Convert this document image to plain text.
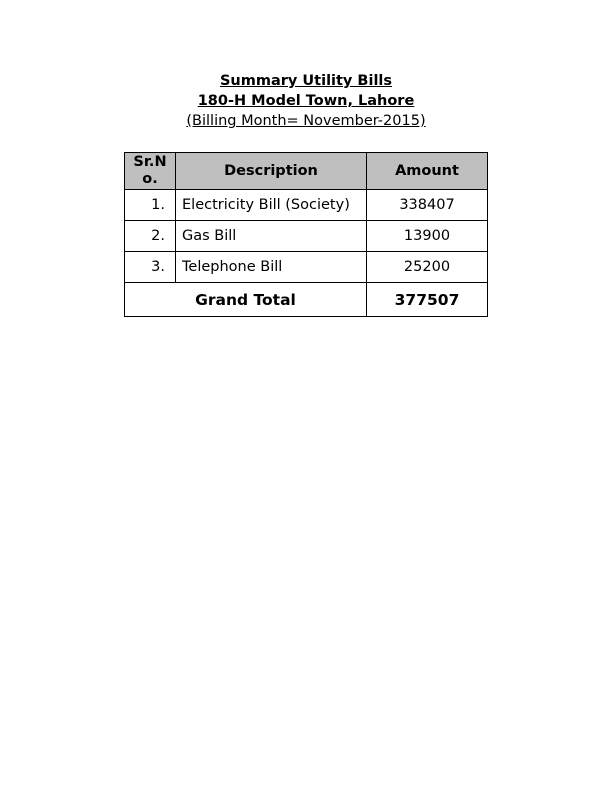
Summary Utility Bills
180-H Model Town, Lahore
(Billing Month= November-2015)
Sr.No.	Description	Amount
1.	Electricity Bill (Society)	338407
2.	Gas Bill	13900
3.	Telephone Bill	25200
Grand Total		377507
